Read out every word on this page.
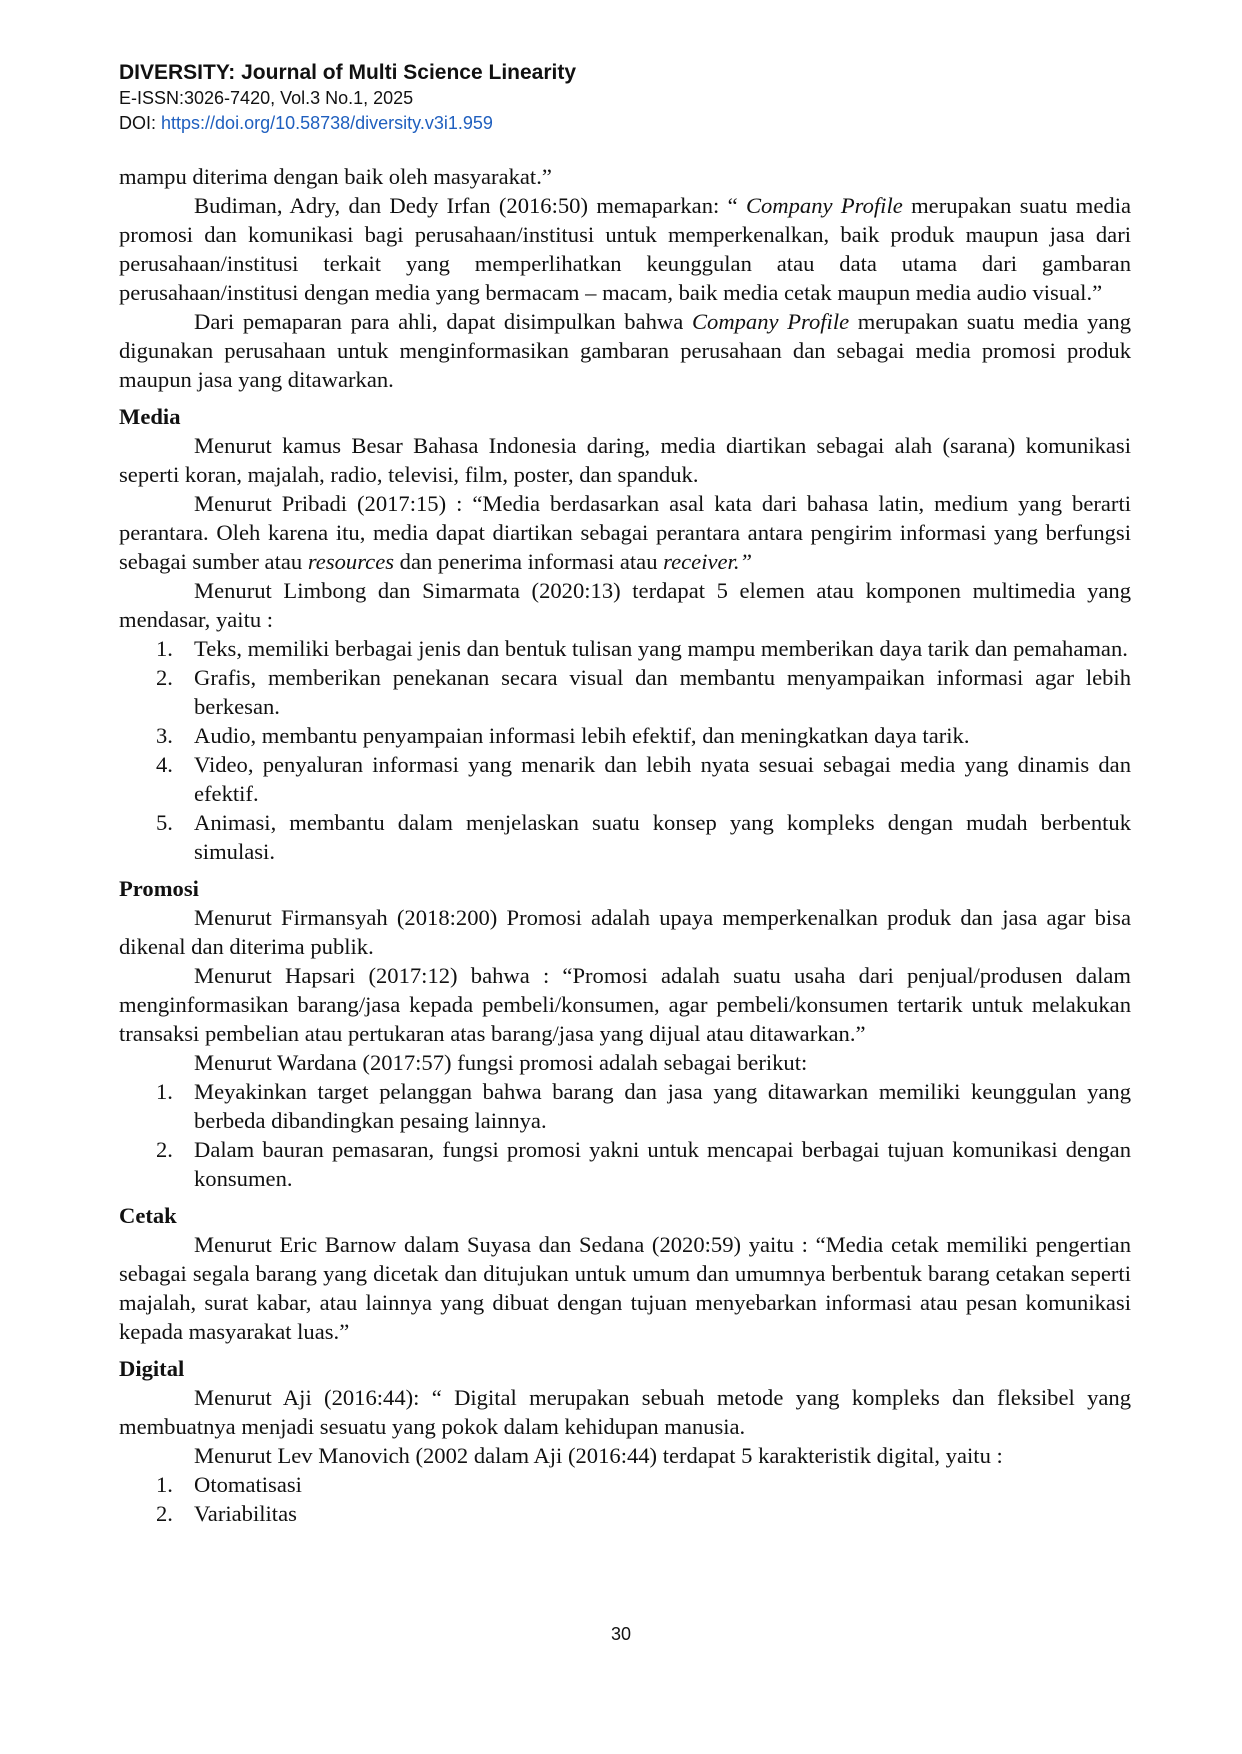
DIVERSITY: Journal of Multi Science Linearity
E-ISSN:3026-7420, Vol.3 No.1, 2025
DOI: https://doi.org/10.58738/diversity.v3i1.959

mampu diterima dengan baik oleh masyarakat.”

Budiman, Adry, dan Dedy Irfan (2016:50) memaparkan: “ Company Profile merupakan suatu media promosi dan komunikasi bagi perusahaan/institusi untuk memperkenalkan, baik produk maupun jasa dari perusahaan/institusi terkait yang memperlihatkan keunggulan atau data utama dari gambaran perusahaan/institusi dengan media yang bermacam – macam, baik media cetak maupun media audio visual.”

Dari pemaparan para ahli, dapat disimpulkan bahwa Company Profile merupakan suatu media yang digunakan perusahaan untuk menginformasikan gambaran perusahaan dan sebagai media promosi produk maupun jasa yang ditawarkan.

Media

Menurut kamus Besar Bahasa Indonesia daring, media diartikan sebagai alah (sarana) komunikasi seperti koran, majalah, radio, televisi, film, poster, dan spanduk.

Menurut Pribadi (2017:15) : “Media berdasarkan asal kata dari bahasa latin, medium yang berarti perantara. Oleh karena itu, media dapat diartikan sebagai perantara antara pengirim informasi yang berfungsi sebagai sumber atau resources dan penerima informasi atau receiver.”

Menurut Limbong dan Simarmata (2020:13) terdapat 5 elemen atau komponen multimedia yang mendasar, yaitu :

1. Teks, memiliki berbagai jenis dan bentuk tulisan yang mampu memberikan daya tarik dan pemahaman.
2. Grafis, memberikan penekanan secara visual dan membantu menyampaikan informasi agar lebih berkesan.
3. Audio, membantu penyampaian informasi lebih efektif, dan meningkatkan daya tarik.
4. Video, penyaluran informasi yang menarik dan lebih nyata sesuai sebagai media yang dinamis dan efektif.
5. Animasi, membantu dalam menjelaskan suatu konsep yang kompleks dengan mudah berbentuk simulasi.

Promosi

Menurut Firmansyah (2018:200) Promosi adalah upaya memperkenalkan produk dan jasa agar bisa dikenal dan diterima publik.

Menurut Hapsari (2017:12) bahwa : “Promosi adalah suatu usaha dari penjual/produsen dalam menginformasikan barang/jasa kepada pembeli/konsumen, agar pembeli/konsumen tertarik untuk melakukan transaksi pembelian atau pertukaran atas barang/jasa yang dijual atau ditawarkan.”

Menurut Wardana (2017:57) fungsi promosi adalah sebagai berikut:

1. Meyakinkan target pelanggan bahwa barang dan jasa yang ditawarkan memiliki keunggulan yang berbeda dibandingkan pesaing lainnya.
2. Dalam bauran pemasaran, fungsi promosi yakni untuk mencapai berbagai tujuan komunikasi dengan konsumen.

Cetak

Menurut Eric Barnow dalam Suyasa dan Sedana (2020:59) yaitu : “Media cetak memiliki pengertian sebagai segala barang yang dicetak dan ditujukan untuk umum dan umumnya berbentuk barang cetakan seperti majalah, surat kabar, atau lainnya yang dibuat dengan tujuan menyebarkan informasi atau pesan komunikasi kepada masyarakat luas.”

Digital

Menurut Aji (2016:44): “ Digital merupakan sebuah metode yang kompleks dan fleksibel yang membuatnya menjadi sesuatu yang pokok dalam kehidupan manusia.

Menurut Lev Manovich (2002 dalam Aji (2016:44) terdapat 5 karakteristik digital, yaitu :

1. Otomatisasi
2. Variabilitas
30
